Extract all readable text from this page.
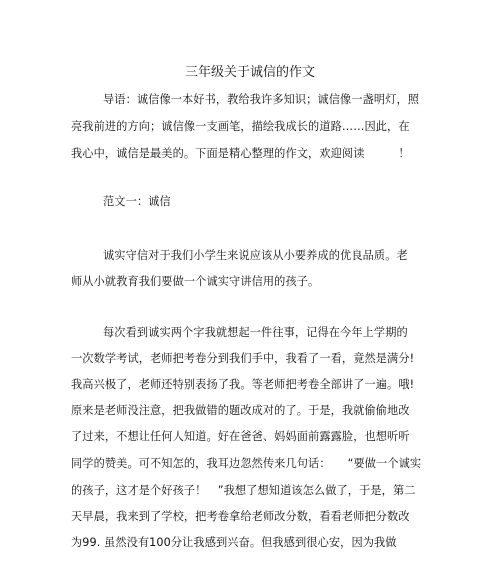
三年级关于诚信的作文
导语：诚信像一本好书，教给我许多知识；诚信像一盏明灯，照
亮我前进的方向；诚信像一支画笔，描绘我成长的道路……因此，在
我心中，诚信是最美的。下面是精心整理的作文，欢迎阅读　　　！
范文一：诚信
诚实守信对于我们小学生来说应该从小要养成的优良品质。老
师从小就教育我们要做一个诚实守讲信用的孩子。
每次看到诚实两个字我就想起一件往事，记得在今年上学期的
一次数学考试，老师把考卷分到我们手中，我看了一看，竟然是满分!
我高兴极了，老师还特别表扬了我。等老师把考卷全部讲了一遍。哦!
原来是老师没注意，把我做错的题改成对的了。于是，我就偷偷地改
了过来，不想让任何人知道。好在爸爸、妈妈面前露露脸，也想听听
同学的赞美。可不知怎的，我耳边忽然传来几句话：　　“要做一个诚实
的孩子，这才是个好孩子！　”我想了想知道该怎么做了，于是，第二
天早晨，我来到了学校，把考卷拿给老师改分数，看看老师把分数改
为99. 虽然没有100分让我感到兴奋。但我感到很心安，因为我做
